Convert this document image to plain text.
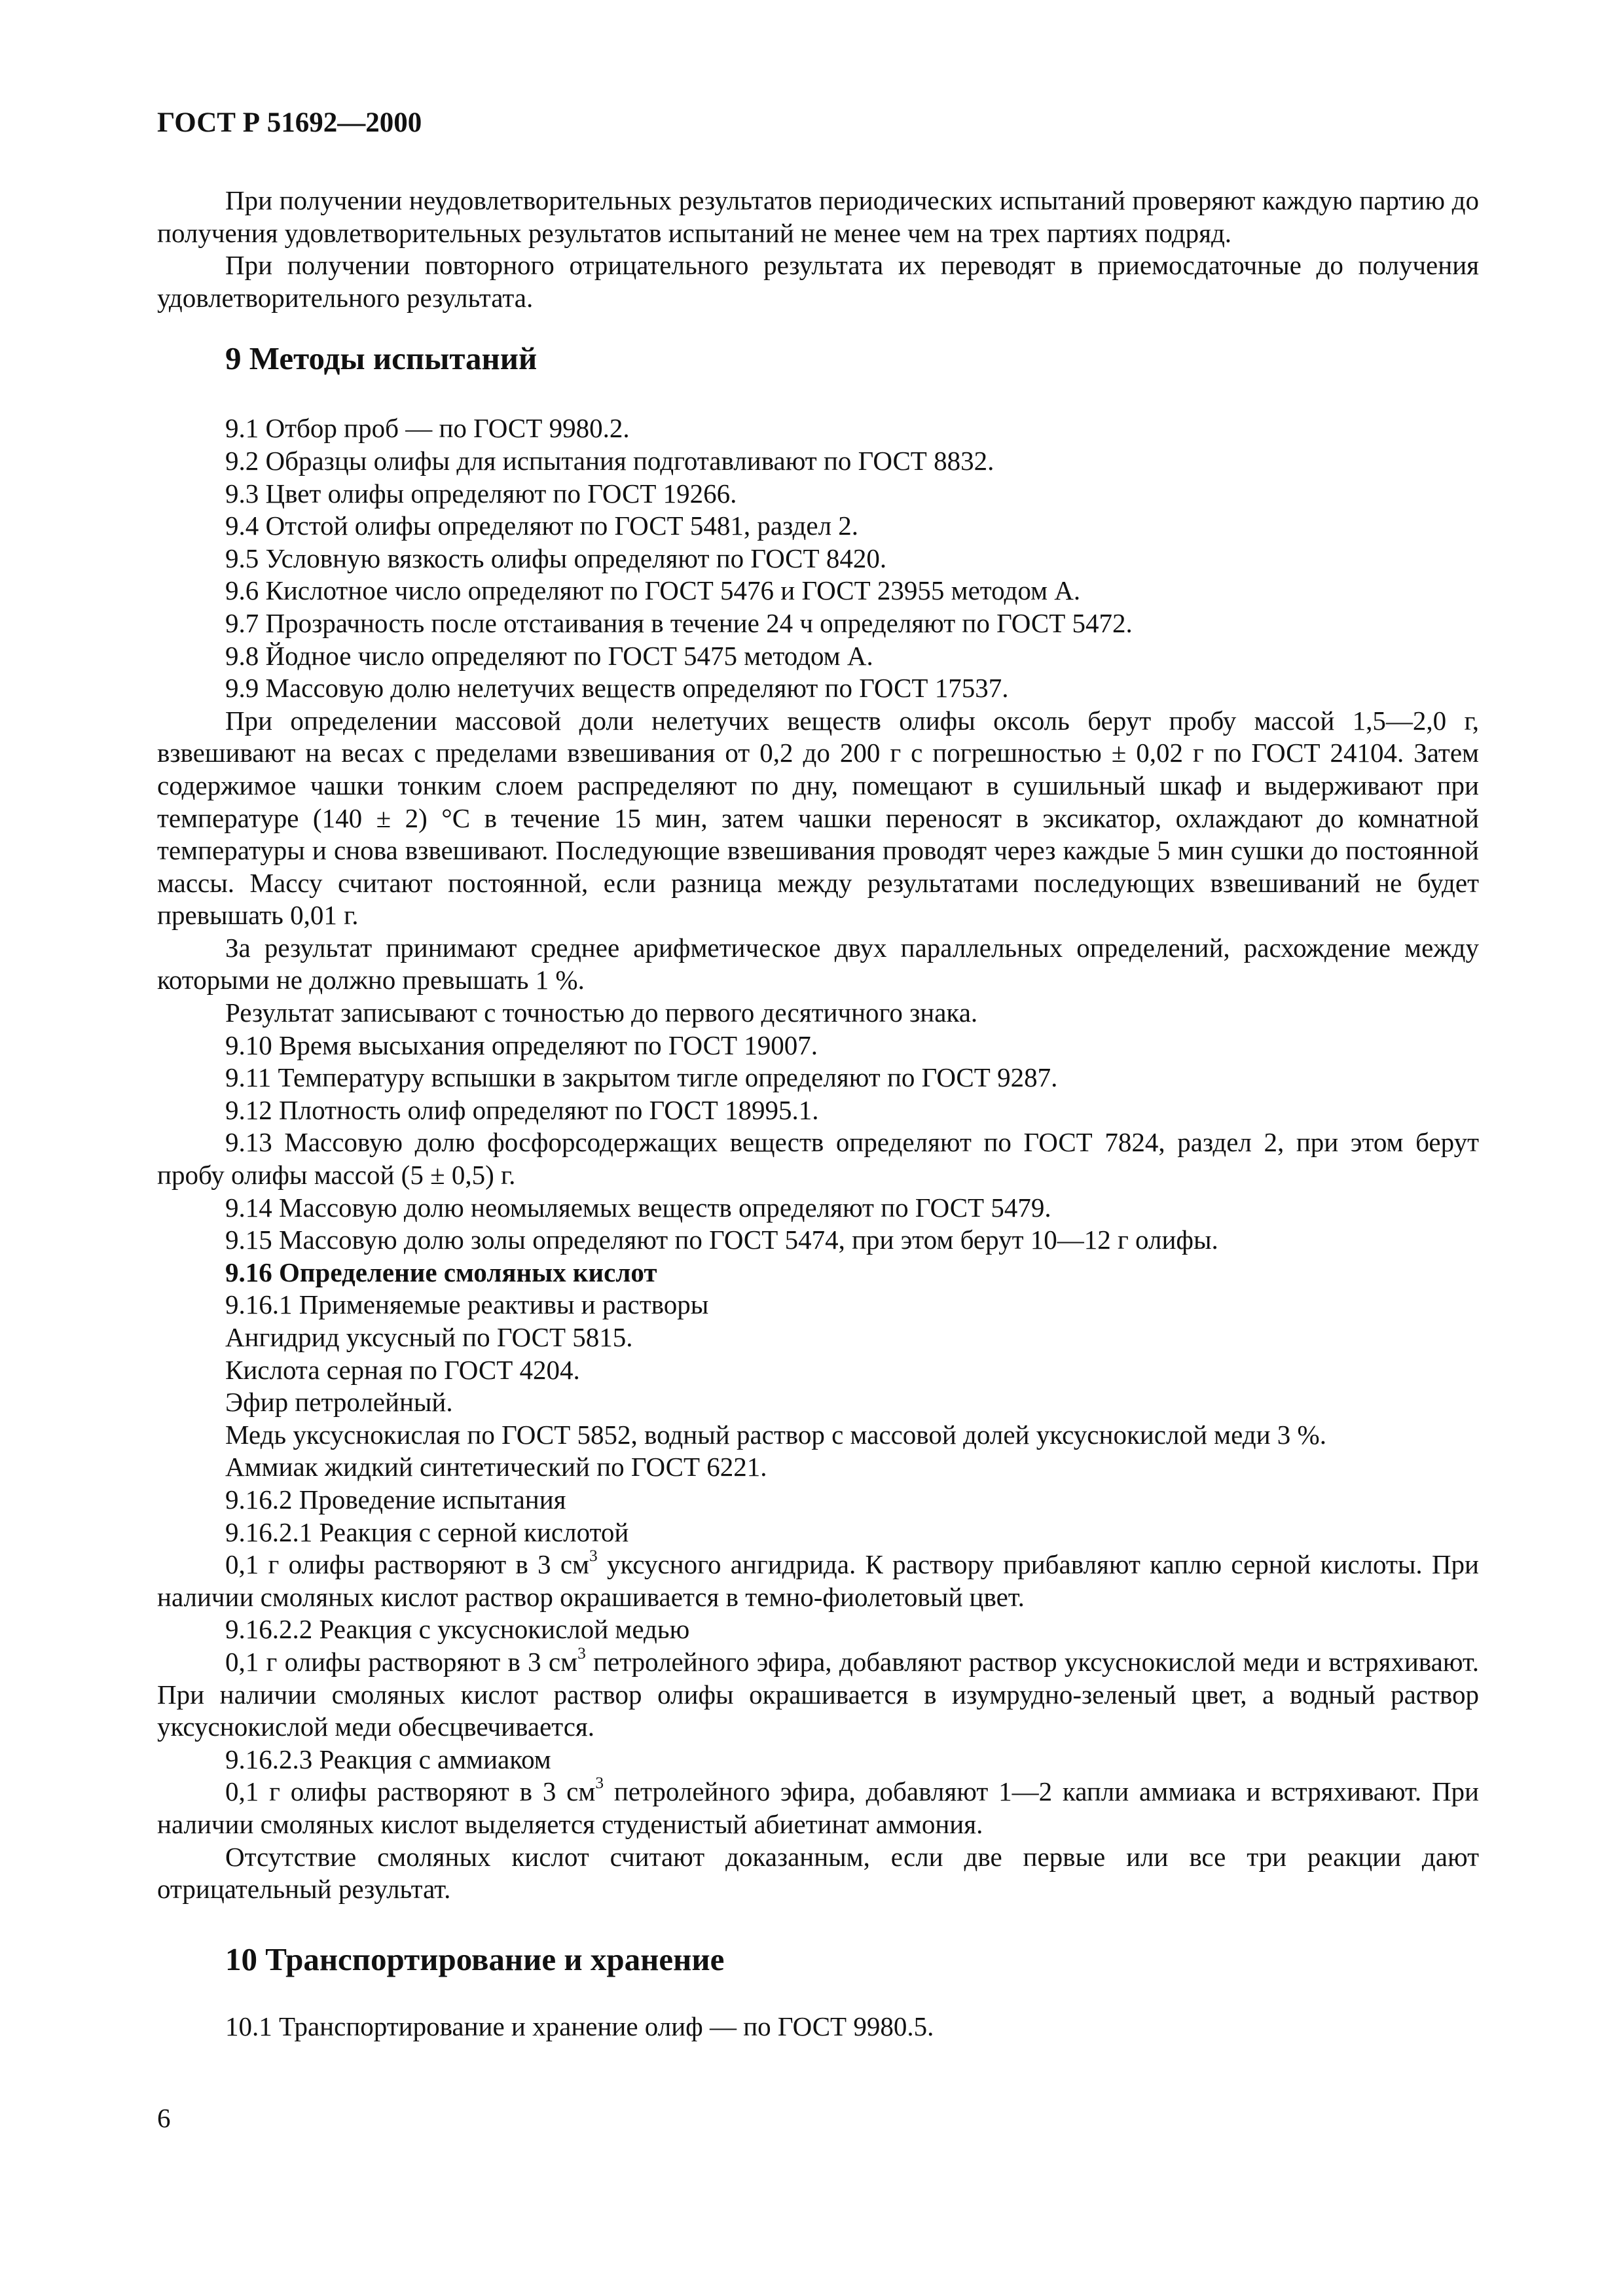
ГОСТ Р 51692—2000

При получении неудовлетворительных результатов периодических испытаний проверяют каждую партию до получения удовлетворительных результатов испытаний не менее чем на трех партиях подряд.

При получении повторного отрицательного результата их переводят в приемосдаточные до получения удовлетворительного результата.

9 Методы испытаний

9.1 Отбор проб — по ГОСТ 9980.2.

9.2 Образцы олифы для испытания подготавливают по ГОСТ 8832.

9.3 Цвет олифы определяют по ГОСТ 19266.

9.4 Отстой олифы определяют по ГОСТ 5481, раздел 2.

9.5 Условную вязкость олифы определяют по ГОСТ 8420.

9.6 Кислотное число определяют по ГОСТ 5476 и ГОСТ 23955 методом А.

9.7 Прозрачность после отстаивания в течение 24 ч определяют по ГОСТ 5472.

9.8 Йодное число определяют по ГОСТ 5475 методом А.

9.9 Массовую долю нелетучих веществ определяют по ГОСТ 17537.

При определении массовой доли нелетучих веществ олифы оксоль берут пробу массой 1,5—2,0 г, взвешивают на весах с пределами взвешивания от 0,2 до 200 г с погрешностью ± 0,02 г по ГОСТ 24104. Затем содержимое чашки тонким слоем распределяют по дну, помещают в сушильный шкаф и выдерживают при температуре (140 ± 2) °С в течение 15 мин, затем чашки переносят в эксикатор, охлаждают до комнатной температуры и снова взвешивают. Последующие взвешивания проводят через каждые 5 мин сушки до постоянной массы. Массу считают постоянной, если разница между результатами последующих взвешиваний не будет превышать 0,01 г.

За результат принимают среднее арифметическое двух параллельных определений, расхождение между которыми не должно превышать 1 %.

Результат записывают с точностью до первого десятичного знака.

9.10 Время высыхания определяют по ГОСТ 19007.

9.11 Температуру вспышки в закрытом тигле определяют по ГОСТ 9287.

9.12 Плотность олиф определяют по ГОСТ 18995.1.

9.13 Массовую долю фосфорсодержащих веществ определяют по ГОСТ 7824, раздел 2, при этом берут пробу олифы массой (5 ± 0,5) г.

9.14 Массовую долю неомыляемых веществ определяют по ГОСТ 5479.

9.15 Массовую долю золы определяют по ГОСТ 5474, при этом берут 10—12 г олифы.

9.16 Определение смоляных кислот

9.16.1 Применяемые реактивы и растворы

Ангидрид уксусный по ГОСТ 5815.

Кислота серная по ГОСТ 4204.

Эфир петролейный.

Медь уксуснокислая по ГОСТ 5852, водный раствор с массовой долей уксуснокислой меди 3 %.

Аммиак жидкий синтетический по ГОСТ 6221.

9.16.2 Проведение испытания

9.16.2.1 Реакция с серной кислотой

0,1 г олифы растворяют в 3 $см^3$ уксусного ангидрида. К раствору прибавляют каплю серной кислоты. При наличии смоляных кислот раствор окрашивается в темно-фиолетовый цвет.

9.16.2.2 Реакция с уксуснокислой медью

0,1 г олифы растворяют в 3 $см^3$ петролейного эфира, добавляют раствор уксуснокислой меди и встряхивают. При наличии смоляных кислот раствор олифы окрашивается в изумрудно-зеленый цвет, а водный раствор уксуснокислой меди обесцвечивается.

9.16.2.3 Реакция с аммиаком

0,1 г олифы растворяют в 3 $см^3$ петролейного эфира, добавляют 1—2 капли аммиака и встряхивают. При наличии смоляных кислот выделяется студенистый абиетинат аммония.

Отсутствие смоляных кислот считают доказанным, если две первые или все три реакции дают отрицательный результат.

10 Транспортирование и хранение

10.1 Транспортирование и хранение олиф — по ГОСТ 9980.5.

6
